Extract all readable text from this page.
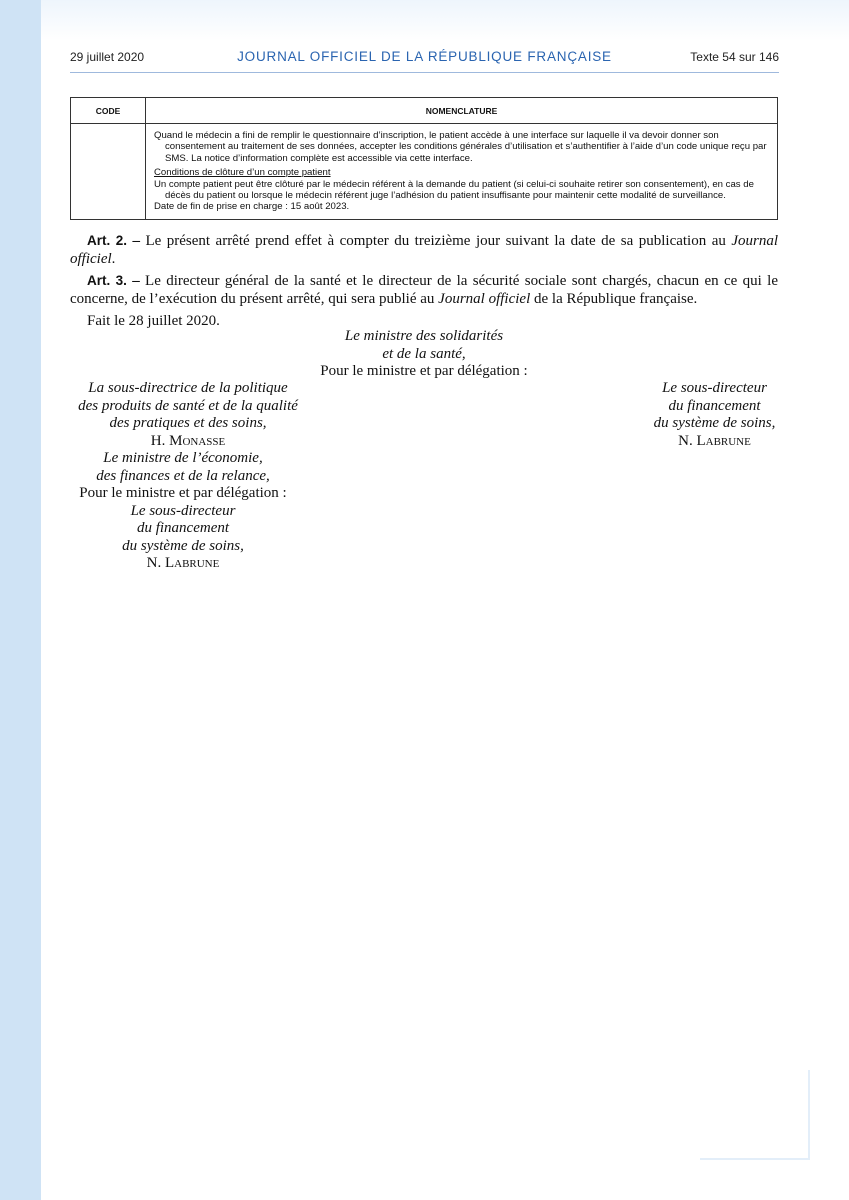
29 juillet 2020	JOURNAL OFFICIEL DE LA RÉPUBLIQUE FRANÇAISE	Texte 54 sur 146
CODE	NOMENCLATURE

	Quand le médecin a fini de remplir le questionnaire d’inscription, le patient accède à une interface sur laquelle il va devoir donner son consentement au traitement de ses données, accepter les conditions générales d’utilisation et s’authentifier à l’aide d’un code unique reçu par SMS. La notice d’information complète est accessible via cette interface.

Conditions de clôture d’un compte patient

Un compte patient peut être clôturé par le médecin référent à la demande du patient (si celui-ci souhaite retirer son consentement), en cas de décès du patient ou lorsque le médecin référent juge l’adhésion du patient insuffisante pour maintenir cette modalité de surveillance.

Date de fin de prise en charge : 15 août 2023.

Art. 2. – Le présent arrêté prend effet à compter du treizième jour suivant la date de sa publication au Journal officiel.

Art. 3. – Le directeur général de la santé et le directeur de la sécurité sociale sont chargés, chacun en ce qui le concerne, de l’exécution du présent arrêté, qui sera publié au Journal officiel de la République française.

Fait le 28 juillet 2020.

Le ministre des solidarités
et de la santé,
Pour le ministre et par délégation :
La sous-directrice de la politique
des produits de santé et de la qualité
des pratiques et des soins,
H. Monasse
Le sous-directeur
du financement
du système de soins,
N. Labrune
Le ministre de l’économie,
des finances et de la relance,
Pour le ministre et par délégation :
Le sous-directeur
du financement
du système de soins,
N. Labrune
